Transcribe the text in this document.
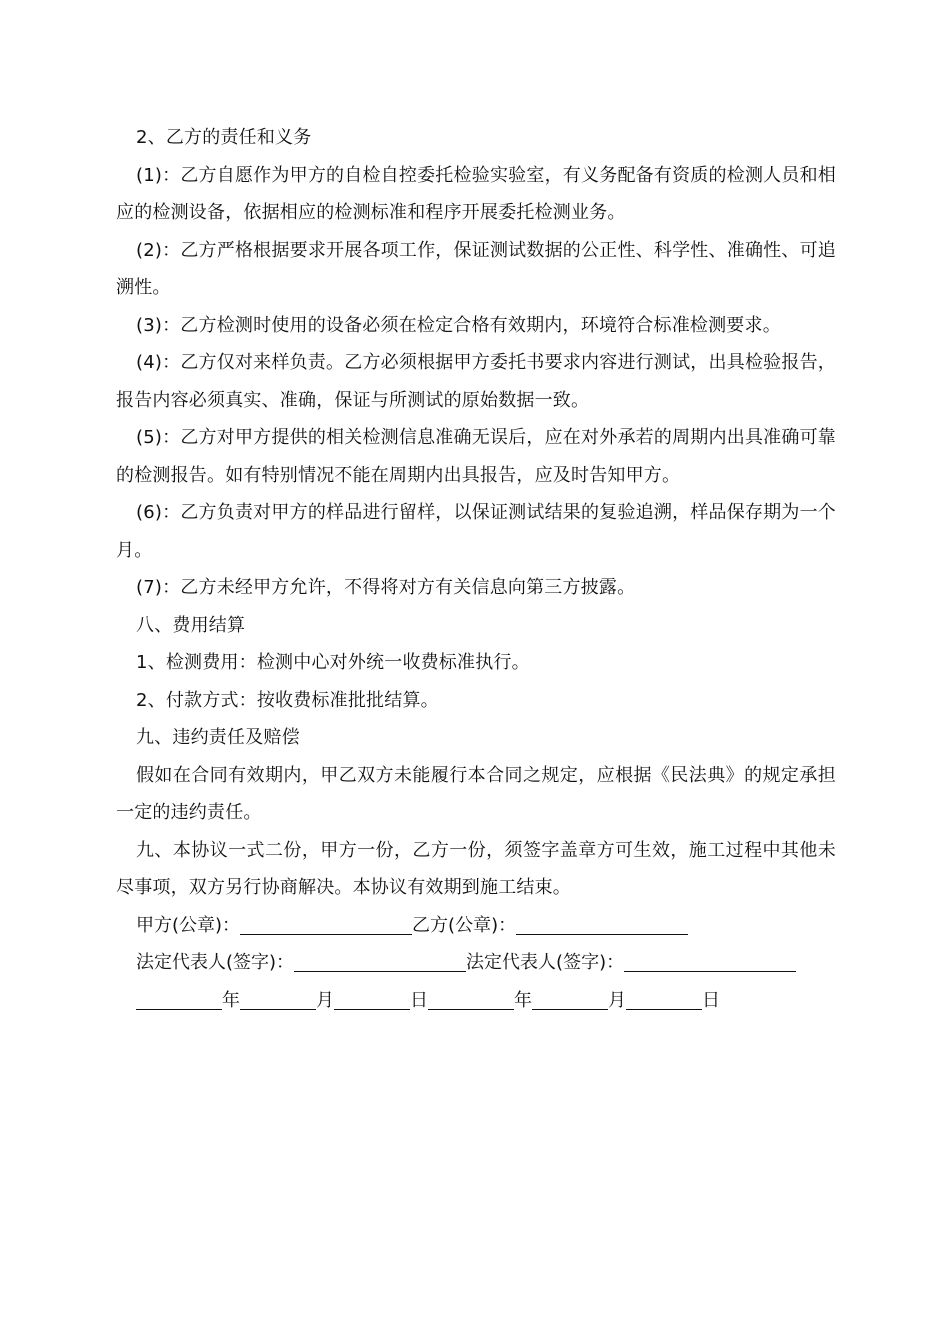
2、乙方的责任和义务

(1)：乙方自愿作为甲方的自检自控委托检验实验室，有义务配备有资质的检测人员和相应的检测设备，依据相应的检测标准和程序开展委托检测业务。

(2)：乙方严格根据要求开展各项工作，保证测试数据的公正性、科学性、准确性、可追溯性。

(3)：乙方检测时使用的设备必须在检定合格有效期内，环境符合标准检测要求。

(4)：乙方仅对来样负责。乙方必须根据甲方委托书要求内容进行测试，出具检验报告，报告内容必须真实、准确，保证与所测试的原始数据一致。

(5)：乙方对甲方提供的相关检测信息准确无误后，应在对外承若的周期内出具准确可靠的检测报告。如有特别情况不能在周期内出具报告，应及时告知甲方。

(6)：乙方负责对甲方的样品进行留样，以保证测试结果的复验追溯，样品保存期为一个月。

(7)：乙方未经甲方允许，不得将对方有关信息向第三方披露。

八、费用结算

1、检测费用：检测中心对外统一收费标准执行。

2、付款方式：按收费标准批批结算。

九、违约责任及赔偿

假如在合同有效期内，甲乙双方未能履行本合同之规定，应根据《民法典》的规定承担一定的违约责任。

九、本协议一式二份，甲方一份，乙方一份，须签字盖章方可生效，施工过程中其他未尽事项，双方另行协商解决。本协议有效期到施工结束。

甲方(公章)：	乙方(公章)：
法定代表人(签字)：	法定代表人(签字)：
年	月	日	年	月	日
